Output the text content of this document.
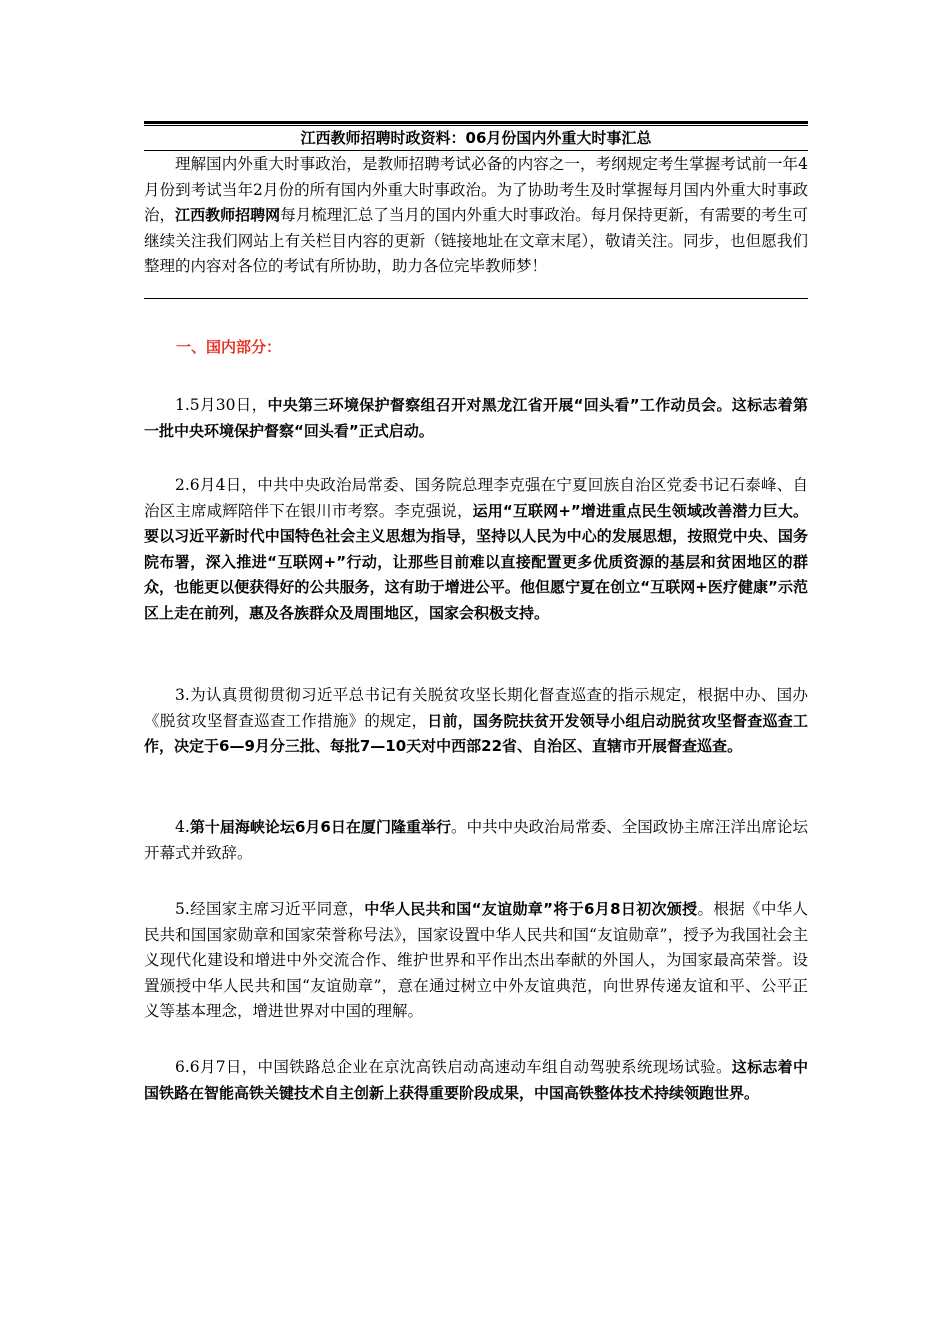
江西教师招聘时政资料：06月份国内外重大时事汇总

理解国内外重大时事政治，是教师招聘考试必备的内容之一，考纲规定考生掌握考试前一年4月份到考试当年2月份的所有国内外重大时事政治。为了协助考生及时掌握每月国内外重大时事政治，江西教师招聘网每月梳理汇总了当月的国内外重大时事政治。每月保持更新，有需要的考生可继续关注我们网站上有关栏目内容的更新（链接地址在文章末尾），敬请关注。同步，也但愿我们整理的内容对各位的考试有所协助，助力各位完毕教师梦！

一、国内部分：

1.5月30日，中央第三环境保护督察组召开对黑龙江省开展“回头看”工作动员会。这标志着第一批中央环境保护督察“回头看”正式启动。

2.6月4日，中共中央政治局常委、国务院总理李克强在宁夏回族自治区党委书记石泰峰、自治区主席咸辉陪伴下在银川市考察。李克强说，运用“互联网+”增进重点民生领域改善潜力巨大。要以习近平新时代中国特色社会主义思想为指导，坚持以人民为中心的发展思想，按照党中央、国务院布署，深入推进“互联网+”行动，让那些目前难以直接配置更多优质资源的基层和贫困地区的群众，也能更以便获得好的公共服务，这有助于增进公平。他但愿宁夏在创立“互联网+医疗健康”示范区上走在前列，惠及各族群众及周围地区，国家会积极支持。

3.为认真贯彻贯彻习近平总书记有关脱贫攻坚长期化督查巡查的指示规定，根据中办、国办《脱贫攻坚督查巡查工作措施》的规定，日前，国务院扶贫开发领导小组启动脱贫攻坚督查巡查工作，决定于6—9月分三批、每批7—10天对中西部22省、自治区、直辖市开展督查巡查。

4.第十届海峡论坛6月6日在厦门隆重举行。中共中央政治局常委、全国政协主席汪洋出席论坛开幕式并致辞。

5.经国家主席习近平同意，中华人民共和国“友谊勋章”将于6月8日初次颁授。根据《中华人民共和国国家勋章和国家荣誉称号法》，国家设置中华人民共和国“友谊勋章”，授予为我国社会主义现代化建设和增进中外交流合作、维护世界和平作出杰出奉献的外国人，为国家最高荣誉。设置颁授中华人民共和国“友谊勋章”，意在通过树立中外友谊典范，向世界传递友谊和平、公平正义等基本理念，增进世界对中国的理解。

6.6月7日，中国铁路总企业在京沈高铁启动高速动车组自动驾驶系统现场试验。这标志着中国铁路在智能高铁关键技术自主创新上获得重要阶段成果，中国高铁整体技术持续领跑世界。
